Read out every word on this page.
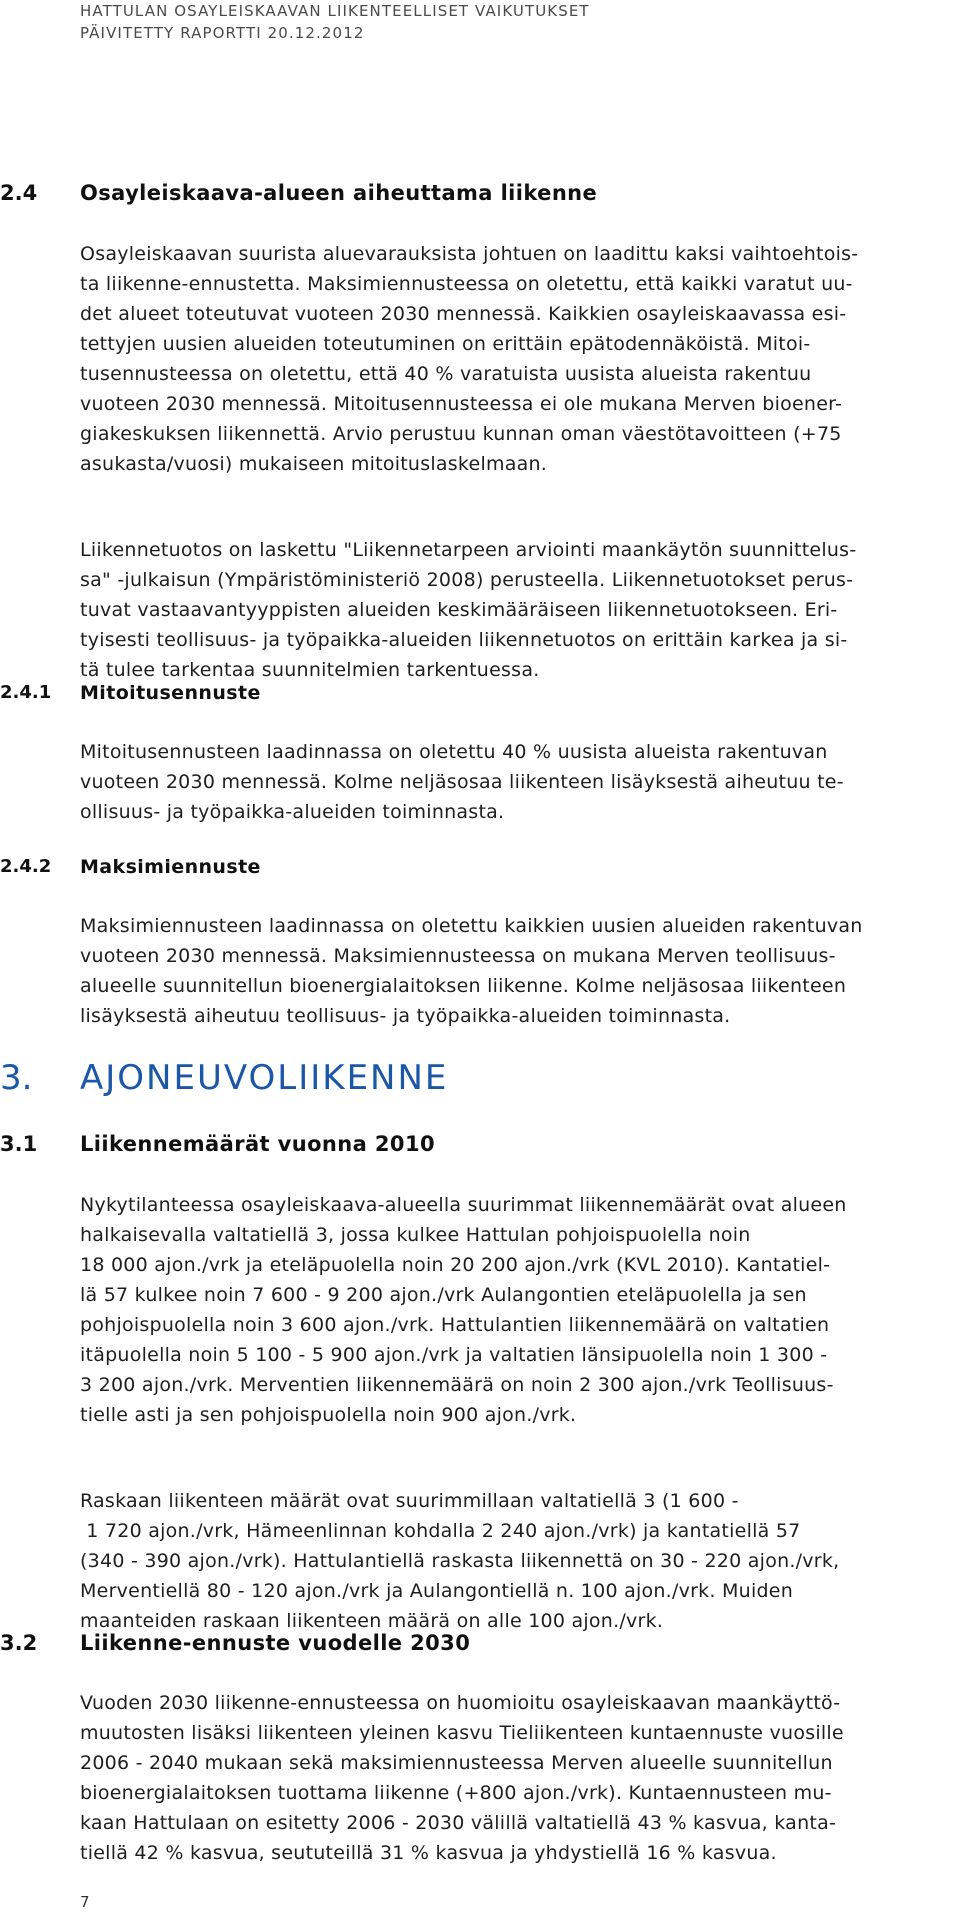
HATTULAN OSAYLEISKAAVAN LIIKENTEELLISET VAIKUTUKSET
PÄIVITETTY RAPORTTI 20.12.2012
2.4 Osayleiskaava-alueen aiheuttama liikenne
Osayleiskaavan suurista aluevarauksista johtuen on laadittu kaksi vaihtoehtois-
ta liikenne-ennustetta. Maksimiennusteessa on oletettu, että kaikki varatut uu-
det alueet toteutuvat vuoteen 2030 mennessä. Kaikkien osayleiskaavassa esi-
tettyjen uusien alueiden toteutuminen on erittäin epätodennäköistä. Mitoi-
tusennusteessa on oletettu, että 40 % varatuista uusista alueista rakentuu
vuoteen 2030 mennessä. Mitoitusennusteessa ei ole mukana Merven bioener-
giakeskuksen liikennettä. Arvio perustuu kunnan oman väestötavoitteen (+75
asukasta/vuosi) mukaiseen mitoituslaskelmaan.
Liikennetuotos on laskettu "Liikennetarpeen arviointi maankäytön suunnittelus-
sa" -julkaisun (Ympäristöministeriö 2008) perusteella. Liikennetuotokset perus-
tuvat vastaavantyyppisten alueiden keskimääräiseen liikennetuotokseen. Eri-
tyisesti teollisuus- ja työpaikka-alueiden liikennetuotos on erittäin karkea ja si-
tä tulee tarkentaa suunnitelmien tarkentuessa.
2.4.1 Mitoitusennuste
Mitoitusennusteen laadinnassa on oletettu 40 % uusista alueista rakentuvan
vuoteen 2030 mennessä. Kolme neljäsosaa liikenteen lisäyksestä aiheutuu te-
ollisuus- ja työpaikka-alueiden toiminnasta.
2.4.2 Maksimiennuste
Maksimiennusteen laadinnassa on oletettu kaikkien uusien alueiden rakentuvan
vuoteen 2030 mennessä. Maksimiennusteessa on mukana Merven teollisuus-
alueelle suunnitellun bioenergialaitoksen liikenne. Kolme neljäsosaa liikenteen
lisäyksestä aiheutuu teollisuus- ja työpaikka-alueiden toiminnasta.
3. AJONEUVOLIIKENNE
3.1 Liikennemäärät vuonna 2010
Nykytilanteessa osayleiskaava-alueella suurimmat liikennemäärät ovat alueen
halkaisevalla valtatiellä 3, jossa kulkee Hattulan pohjoispuolella noin
18 000 ajon./vrk ja eteläpuolella noin 20 200 ajon./vrk (KVL 2010). Kantatiel-
lä 57 kulkee noin 7 600 - 9 200 ajon./vrk Aulangontien eteläpuolella ja sen
pohjoispuolella noin 3 600 ajon./vrk. Hattulantien liikennemäärä on valtatien
itäpuolella noin 5 100 - 5 900 ajon./vrk ja valtatien länsipuolella noin 1 300 -
3 200 ajon./vrk. Merventien liikennemäärä on noin 2 300 ajon./vrk Teollisuus-
tielle asti ja sen pohjoispuolella noin 900 ajon./vrk.
Raskaan liikenteen määrät ovat suurimmillaan valtatiellä 3 (1 600 -
1 720 ajon./vrk, Hämeenlinnan kohdalla 2 240 ajon./vrk) ja kantatiellä 57
(340 - 390 ajon./vrk). Hattulantiellä raskasta liikennettä on 30 - 220 ajon./vrk,
Merventiellä 80 - 120 ajon./vrk ja Aulangontiellä n. 100 ajon./vrk. Muiden
maanteiden raskaan liikenteen määrä on alle 100 ajon./vrk.
3.2 Liikenne-ennuste vuodelle 2030
Vuoden 2030 liikenne-ennusteessa on huomioitu osayleiskaavan maankäyttö-
muutosten lisäksi liikenteen yleinen kasvu Tieliikenteen kuntaennuste vuosille
2006 - 2040 mukaan sekä maksimiennusteessa Merven alueelle suunnitellun
bioenergialaitoksen tuottama liikenne (+800 ajon./vrk). Kuntaennusteen mu-
kaan Hattulaan on esitetty 2006 - 2030 välillä valtatiellä 43 % kasvua, kanta-
tiellä 42 % kasvua, seututeillä 31 % kasvua ja yhdystiellä 16 % kasvua.
7
